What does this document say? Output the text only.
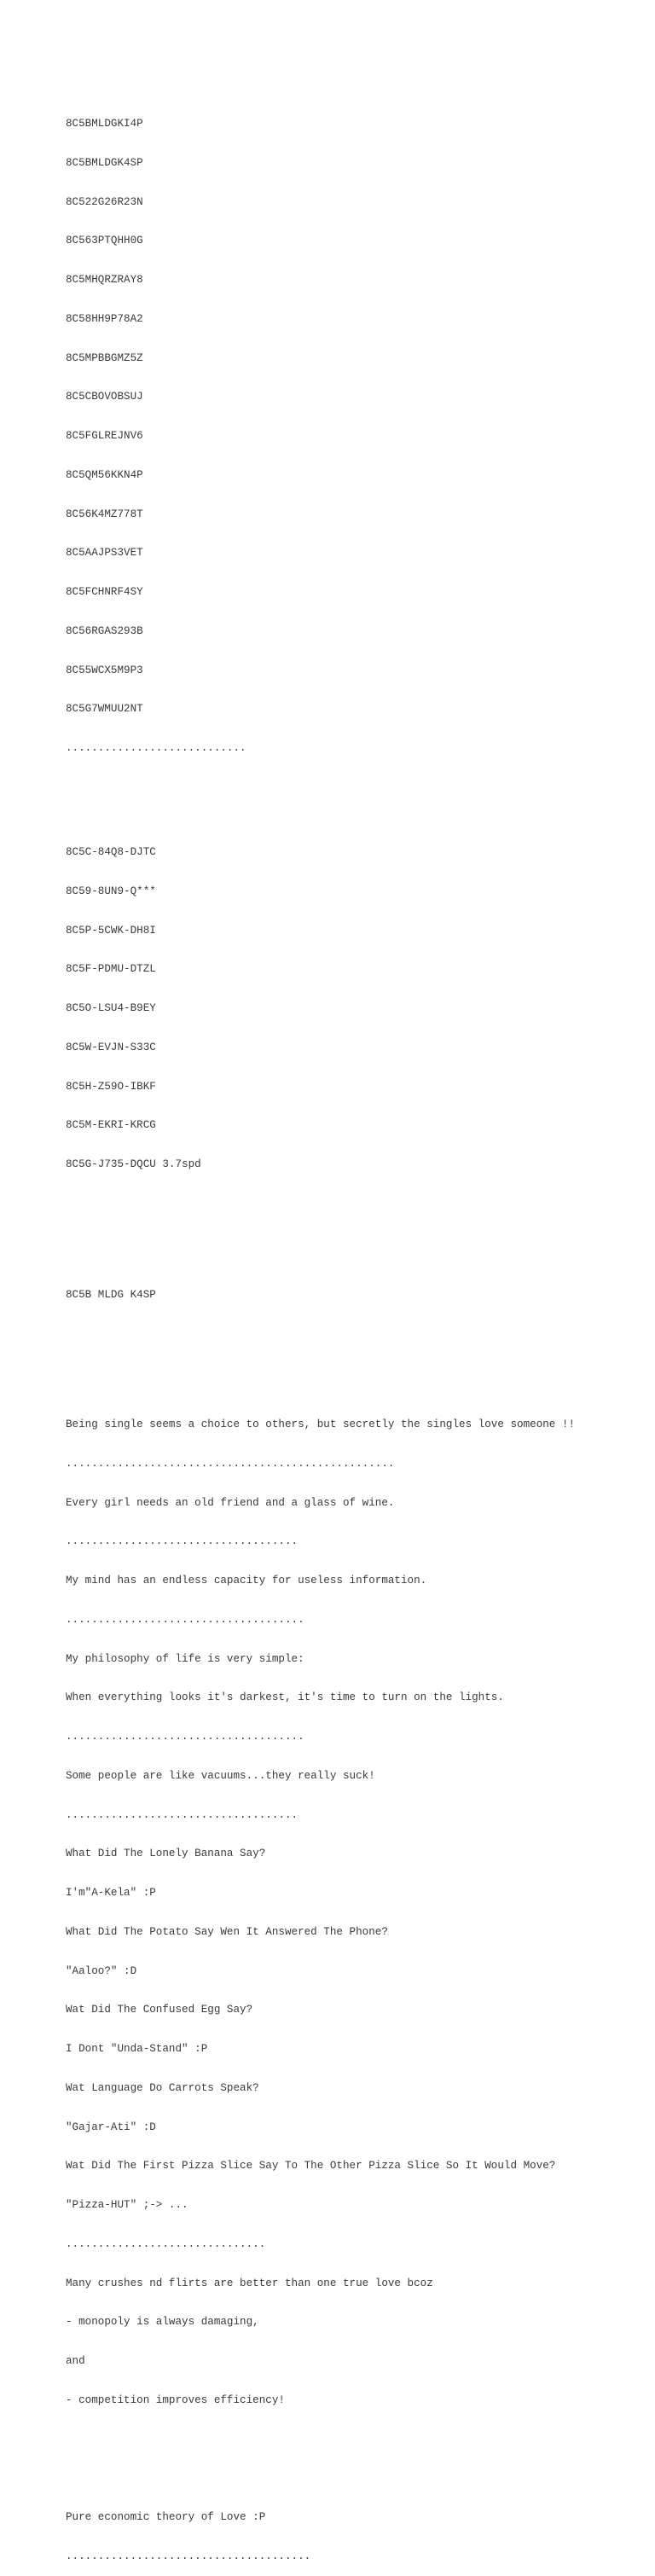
8C5BMLDGKI4P

8C5BMLDGK4SP

8C522G26R23N

8C563PTQHH0G

8C5MHQRZRAY8

8C58HH9P78A2

8C5MPBBGMZ5Z

8C5CBOVOBSUJ

8C5FGLREJNV6

8C5QM56KKN4P

8C56K4MZ778T

8C5AAJPS3VET

8C5FCHNRF4SY

8C56RGAS293B

8C55WCX5M9P3

8C5G7WMUU2NT

............................

8C5C-84Q8-DJTC

8C59-8UN9-Q***

8C5P-5CWK-DH8I

8C5F-PDMU-DTZL

8C5O-LSU4-B9EY

8C5W-EVJN-S33C

8C5H-Z59O-IBKF

8C5M-EKRI-KRCG

8C5G-J735-DQCU 3.7spd

8C5B MLDG K4SP

Being single seems a choice to others, but secretly the singles love someone !!

...................................................

Every girl needs an old friend and a glass of wine.

....................................

My mind has an endless capacity for useless information.

.....................................

My philosophy of life is very simple:

When everything looks it's darkest, it's time to turn on the lights.

.....................................

Some people are like vacuums...they really suck!

....................................

What Did The Lonely Banana Say?

I'm"A-Kela" :P

What Did The Potato Say Wen It Answered The Phone?

"Aaloo?" :D

Wat Did The Confused Egg Say?

I Dont "Unda-Stand" :P

Wat Language Do Carrots Speak?

"Gajar-Ati" :D

Wat Did The First Pizza Slice Say To The Other Pizza Slice So It Would Move?

"Pizza-HUT" ;-> ...

...............................

Many crushes nd flirts are better than one true love bcoz

- monopoly is always damaging,

and

- competition improves efficiency!

Pure economic theory of Love :P

......................................
